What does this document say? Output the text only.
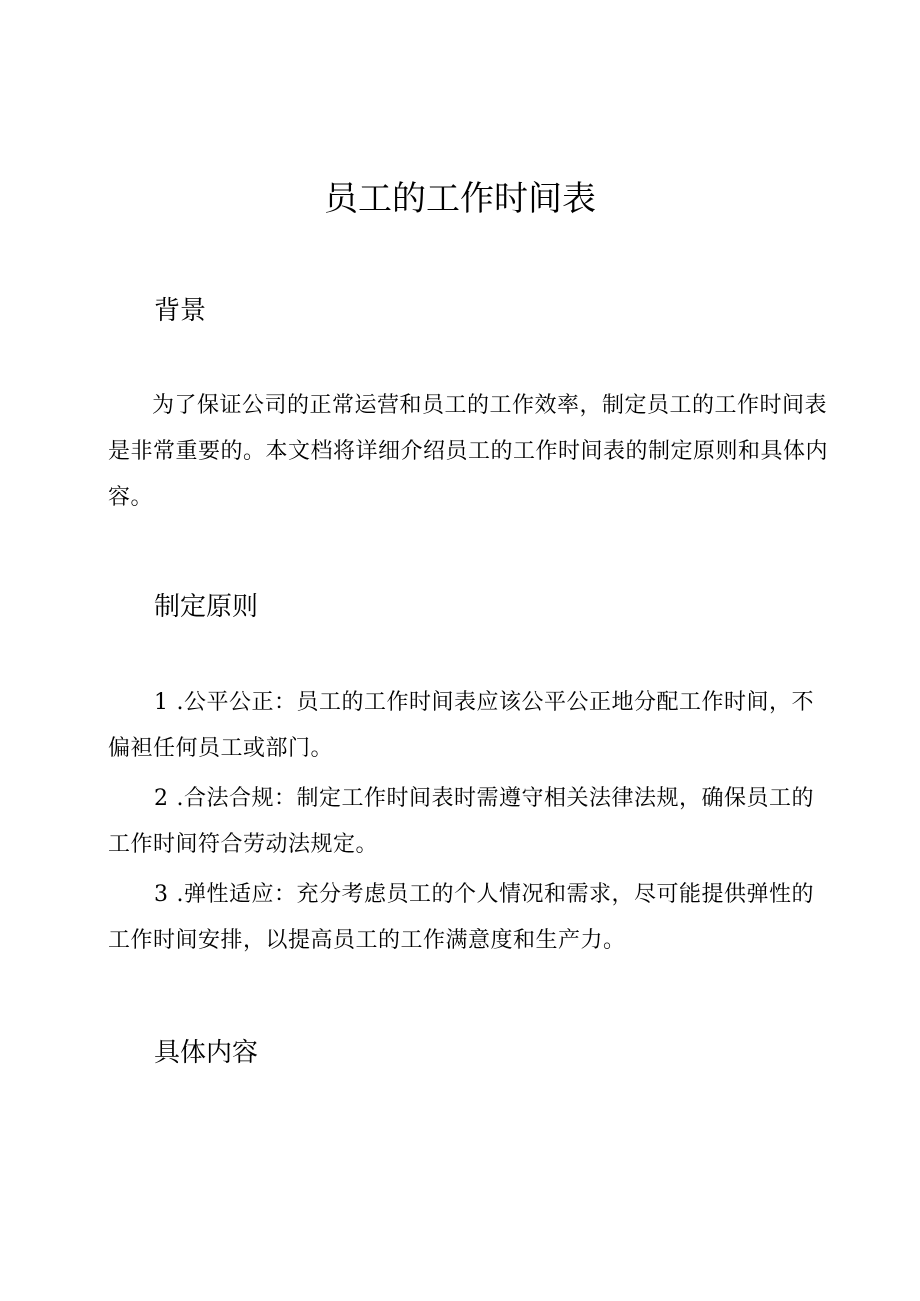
员工的工作时间表
背景

为了保证公司的正常运营和员工的工作效率，制定员工的工作时间表是非常重要的。本文档将详细介绍员工的工作时间表的制定原则和具体内容。

制定原则

1 .公平公正：员工的工作时间表应该公平公正地分配工作时间，不偏袒任何员工或部门。

2 .合法合规：制定工作时间表时需遵守相关法律法规，确保员工的工作时间符合劳动法规定。

3 .弹性适应：充分考虑员工的个人情况和需求，尽可能提供弹性的工作时间安排，以提高员工的工作满意度和生产力。

具体内容
